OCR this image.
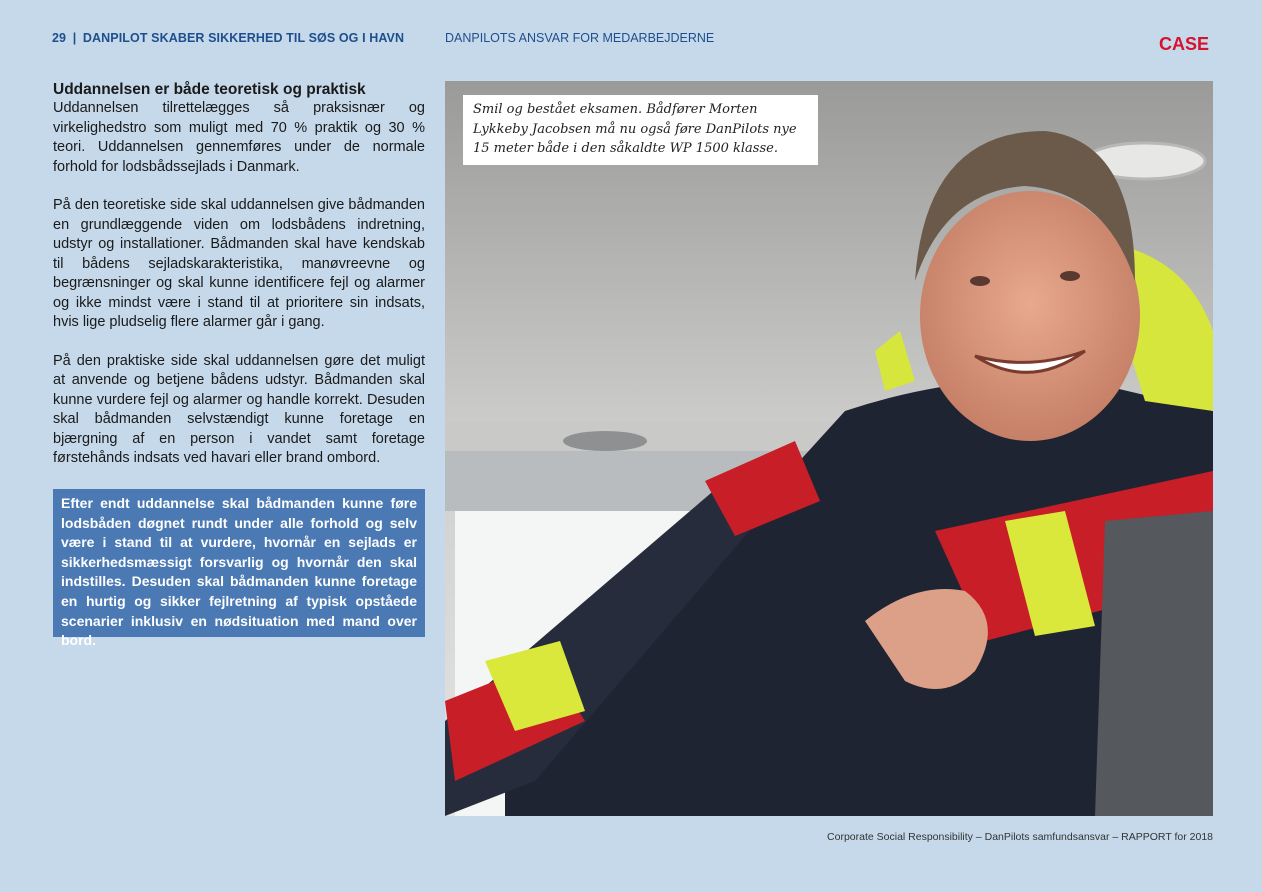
29 | DANPILOT SKABER SIKKERHED TIL SØS OG I HAVN	DANPILOTS ANSVAR FOR MEDARBEJDERNE	CASE
Uddannelsen er både teoretisk og praktisk

Uddannelsen tilrettelægges så praksisnær og virkelighedstro som muligt med 70 % praktik og 30 % teori. Uddannelsen gennemføres under de normale forhold for lodsbådssejlads i Danmark.

På den teoretiske side skal uddannelsen give bådmanden en grundlæggende viden om lodsbådens indretning, udstyr og installationer. Bådmanden skal have kendskab til bådens sejladskarakteristika, manøvreevne og begrænsninger og skal kunne identificere fejl og alarmer og ikke mindst være i stand til at prioritere sin indsats, hvis lige pludselig flere alarmer går i gang.

På den praktiske side skal uddannelsen gøre det muligt at anvende og betjene bådens udstyr. Bådmanden skal kunne vurdere fejl og alarmer og handle korrekt. Desuden skal bådmanden selvstændigt kunne foretage en bjærgning af en person i vandet samt foretage førstehånds indsats ved havari eller brand ombord.

Efter endt uddannelse skal bådmanden kunne føre lodsbåden døgnet rundt under alle forhold og selv være i stand til at vurdere, hvornår en sejlads er sikkerhedsmæssigt forsvarlig og hvornår den skal indstilles. Desuden skal bådmanden kunne foretage en hurtig og sikker fejlretning af typisk opståede scenarier inklusiv en nødsituation med mand over bord.
Smil og bestået eksamen. Bådfører Morten Lykkeby Jacobsen må nu også føre DanPilots nye 15 meter både i den såkaldte WP 1500 klasse.
Corporate Social Responsibility – DanPilots samfundsansvar – RAPPORT for 2018
